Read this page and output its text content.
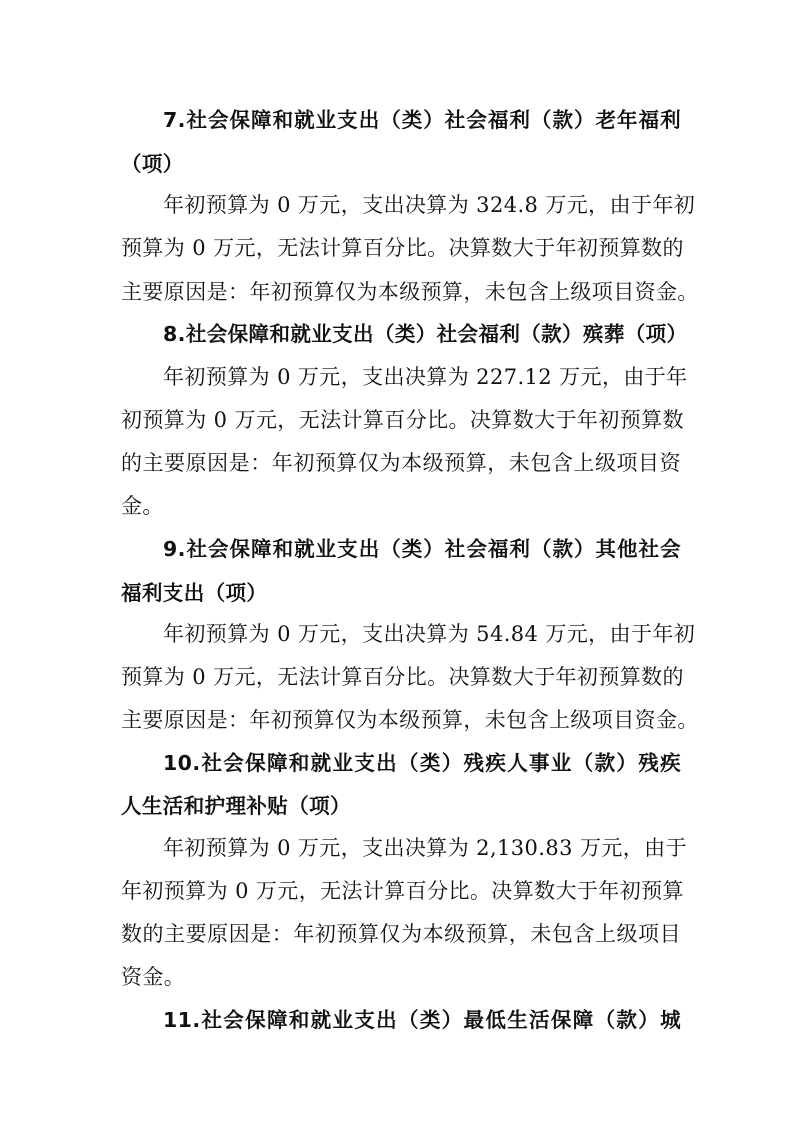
7.社会保障和就业支出（类）社会福利（款）老年福利
（项）
年初预算为 0 万元，支出决算为 324.8 万元，由于年初
预算为 0 万元，无法计算百分比。决算数大于年初预算数的
主要原因是：年初预算仅为本级预算，未包含上级项目资金。
8.社会保障和就业支出（类）社会福利（款）殡葬（项）
年初预算为 0 万元，支出决算为 227.12 万元，由于年
初预算为 0 万元，无法计算百分比。决算数大于年初预算数
的主要原因是：年初预算仅为本级预算，未包含上级项目资
金。
9.社会保障和就业支出（类）社会福利（款）其他社会
福利支出（项）
年初预算为 0 万元，支出决算为 54.84 万元，由于年初
预算为 0 万元，无法计算百分比。决算数大于年初预算数的
主要原因是：年初预算仅为本级预算，未包含上级项目资金。
10.社会保障和就业支出（类）残疾人事业（款）残疾
人生活和护理补贴（项）
年初预算为 0 万元，支出决算为 2,130.83 万元，由于
年初预算为 0 万元，无法计算百分比。决算数大于年初预算
数的主要原因是：年初预算仅为本级预算，未包含上级项目
资金。
11.社会保障和就业支出（类）最低生活保障（款）城
